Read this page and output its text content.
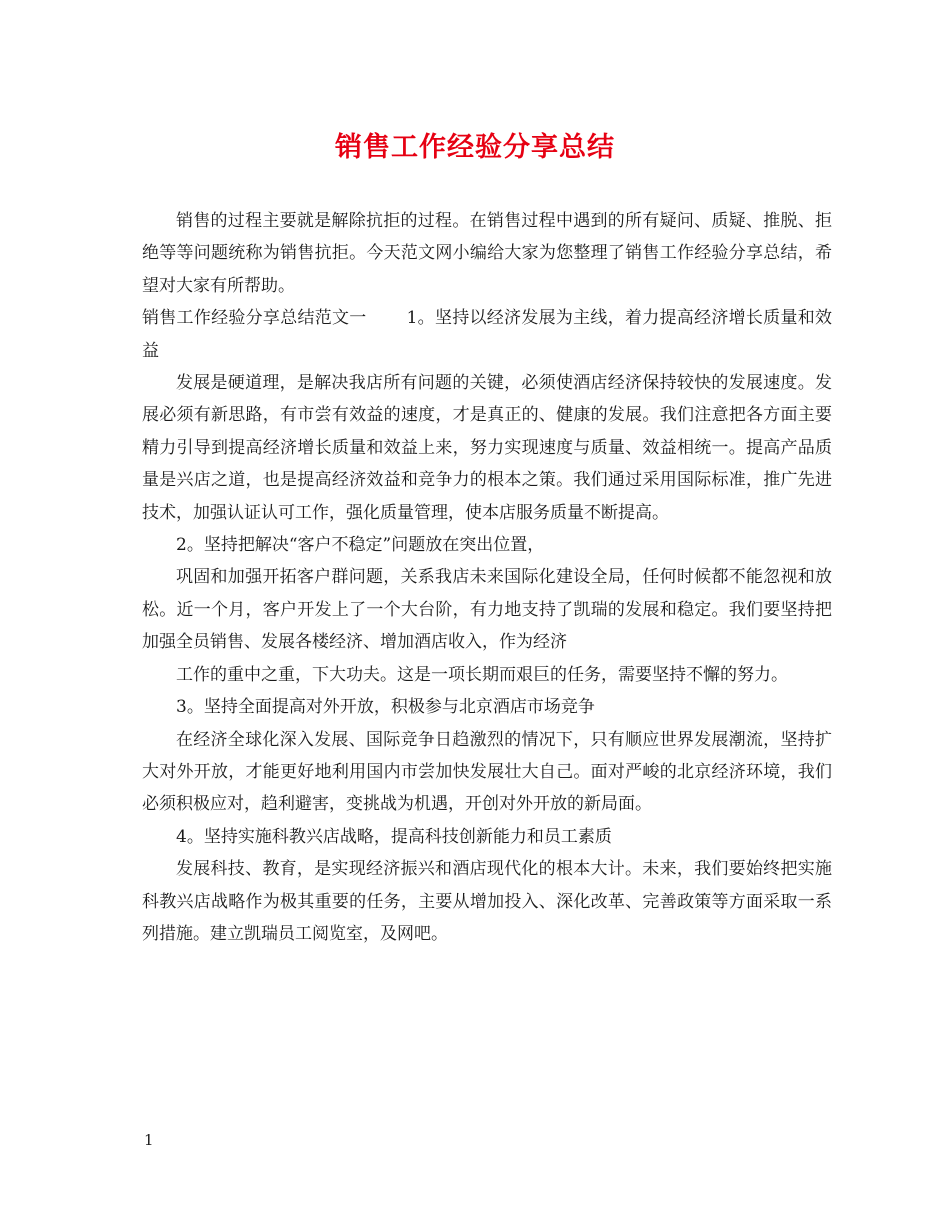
销售工作经验分享总结

销售的过程主要就是解除抗拒的过程。在销售过程中遇到的所有疑问、质疑、推脱、拒绝等等问题统称为销售抗拒。今天范文网小编给大家为您整理了销售工作经验分享总结，希望对大家有所帮助。

销售工作经验分享总结范文一 1。坚持以经济发展为主线，着力提高经济增长质量和效益

发展是硬道理，是解决我店所有问题的关键，必须使酒店经济保持较快的发展速度。发展必须有新思路，有市尝有效益的速度，才是真正的、健康的发展。我们注意把各方面主要精力引导到提高经济增长质量和效益上来，努力实现速度与质量、效益相统一。提高产品质量是兴店之道，也是提高经济效益和竞争力的根本之策。我们通过采用国际标准，推广先进技术，加强认证认可工作，强化质量管理，使本店服务质量不断提高。

2。坚持把解决“客户不稳定”问题放在突出位置，

巩固和加强开拓客户群问题，关系我店未来国际化建设全局，任何时候都不能忽视和放松。近一个月，客户开发上了一个大台阶，有力地支持了凯瑞的发展和稳定。我们要坚持把加强全员销售、发展各楼经济、增加酒店收入，作为经济

工作的重中之重，下大功夫。这是一项长期而艰巨的任务，需要坚持不懈的努力。

3。坚持全面提高对外开放，积极参与北京酒店市场竞争

在经济全球化深入发展、国际竞争日趋激烈的情况下，只有顺应世界发展潮流，坚持扩大对外开放，才能更好地利用国内市尝加快发展壮大自己。面对严峻的北京经济环境，我们必须积极应对，趋利避害，变挑战为机遇，开创对外开放的新局面。

4。坚持实施科教兴店战略，提高科技创新能力和员工素质

发展科技、教育，是实现经济振兴和酒店现代化的根本大计。未来，我们要始终把实施科教兴店战略作为极其重要的任务，主要从增加投入、深化改革、完善政策等方面采取一系列措施。建立凯瑞员工阅览室，及网吧。

1
